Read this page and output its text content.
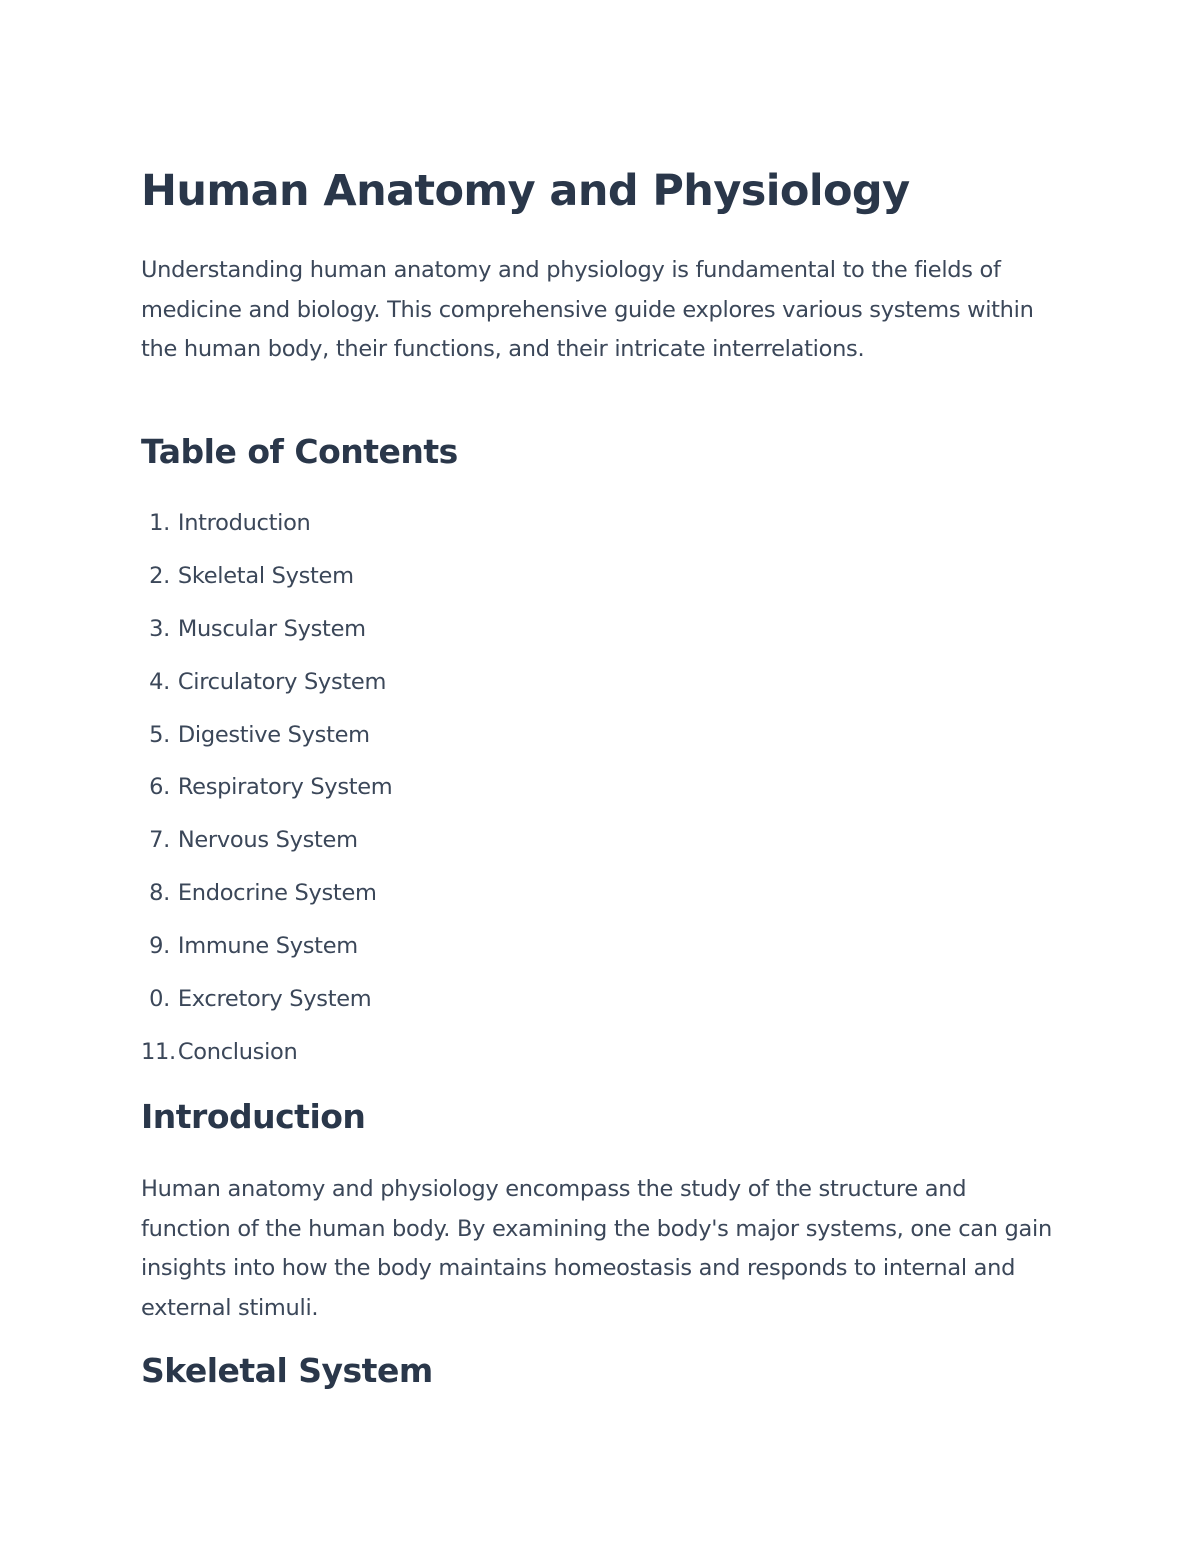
Human Anatomy and Physiology

Understanding human anatomy and physiology is fundamental to the fields of medicine and biology. This comprehensive guide explores various systems within the human body, their functions, and their intricate interrelations.

Table of Contents
1. Introduction
2. Skeletal System
3. Muscular System
4. Circulatory System
5. Digestive System
6. Respiratory System
7. Nervous System
8. Endocrine System
9. Immune System
0. Excretory System
11. Conclusion
Introduction

Human anatomy and physiology encompass the study of the structure and function of the human body. By examining the body's major systems, one can gain insights into how the body maintains homeostasis and responds to internal and external stimuli.

Skeletal System
